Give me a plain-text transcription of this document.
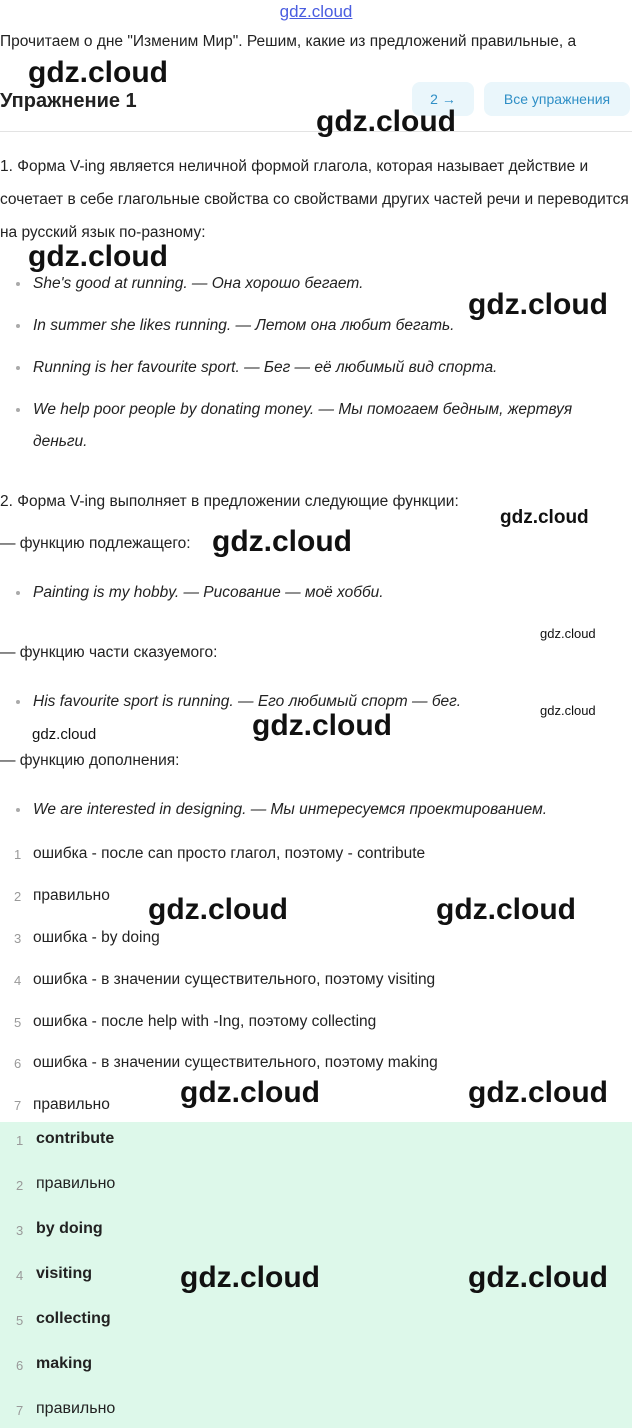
gdz.cloud
Прочитаем о дне "Изменим Мир". Решим, какие из предложений правильные, а
Упражнение 1	2 →	Все упражнения
1. Форма V-ing является неличной формой глагола, которая называет действие и сочетает в себе глагольные свойства со свойствами других частей речи и переводится на русский язык по-разному:
She's good at running. — Она хорошо бегает.
In summer she likes running. — Летом она любит бегать.
Running is her favourite sport. — Бег — её любимый вид спорта.
We help poor people by donating money. — Мы помогаем бедным, жертвуя деньги.
2. Форма V-ing выполняет в предложении следующие функции:
— функцию подлежащего:
Painting is my hobby. — Рисование — моё хобби.
— функцию части сказуемого:
His favourite sport is running. — Его любимый спорт — бег.
— функцию дополнения:
We are interested in designing. — Мы интересуемся проектированием.
1 ошибка - после can просто глагол, поэтому - contribute
2 правильно
3 ошибка - by doing
4 ошибка - в значении существительного, поэтому visiting
5 ошибка - после help with -Ing, поэтому collecting
6 ошибка - в значении существительного, поэтому making
7 правильно
1 contribute
2 правильно
3 by doing
4 visiting
5 collecting
6 making
7 правильно
gdz.cloud
gdz.cloud
gdz.cloud
gdz.cloud
gdz.cloud
gdz.cloud
gdz.cloud
gdz.cloud
gdz.cloud
gdz.cloud
gdz.cloud	gdz.cloud
gdz.cloud	gdz.cloud
gdz.cloud	gdz.cloud
